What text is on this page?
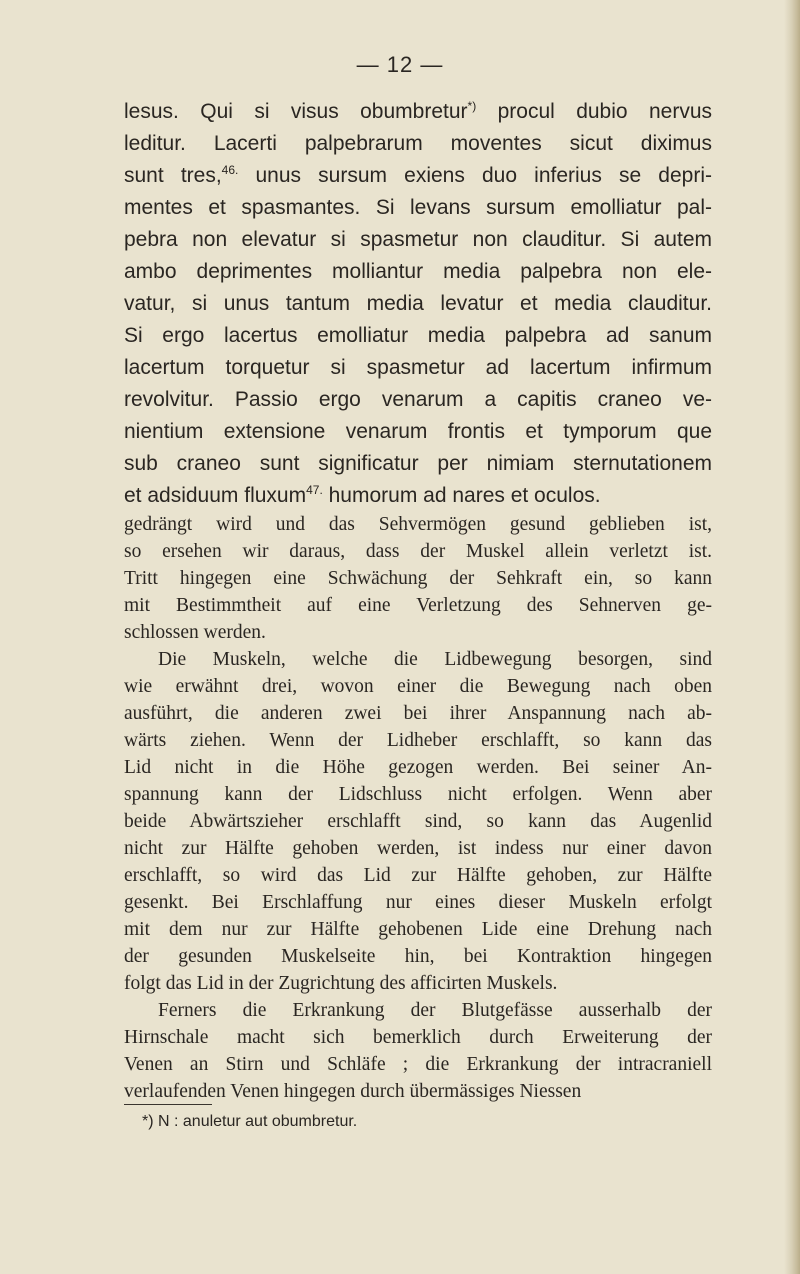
— 12 —
lesus. Qui si visus obumbretur*) procul dubio nervus
leditur. Lacerti palpebrarum moventes sicut diximus
sunt tres,$^{46.}$ unus sursum exiens duo inferius se depri-
mentes et spasmantes. Si levans sursum emolliatur pal-
pebra non elevatur si spasmetur non clauditur. Si autem
ambo deprimentes molliantur media palpebra non ele-
vatur, si unus tantum media levatur et media clauditur.
Si ergo lacertus emolliatur media palpebra ad sanum
lacertum torquetur si spasmetur ad lacertum infirmum
revolvitur. Passio ergo venarum a capitis craneo ve-
nientium extensione venarum frontis et tymporum que
sub craneo sunt significatur per nimiam sternutationem
et adsiduum fluxum$^{47.}$ humorum ad nares et oculos.
gedrängt wird und das Sehvermögen gesund geblieben ist,
so ersehen wir daraus, dass der Muskel allein verletzt ist.
Tritt hingegen eine Schwächung der Sehkraft ein, so kann
mit Bestimmtheit auf eine Verletzung des Sehnerven ge-
schlossen werden.
Die Muskeln, welche die Lidbewegung besorgen, sind
wie erwähnt drei, wovon einer die Bewegung nach oben
ausführt, die anderen zwei bei ihrer Anspannung nach ab-
wärts ziehen. Wenn der Lidheber erschlafft, so kann das
Lid nicht in die Höhe gezogen werden. Bei seiner An-
spannung kann der Lidschluss nicht erfolgen. Wenn aber
beide Abwärtszieher erschlafft sind, so kann das Augenlid
nicht zur Hälfte gehoben werden, ist indess nur einer davon
erschlafft, so wird das Lid zur Hälfte gehoben, zur Hälfte
gesenkt. Bei Erschlaffung nur eines dieser Muskeln erfolgt
mit dem nur zur Hälfte gehobenen Lide eine Drehung nach
der gesunden Muskelseite hin, bei Kontraktion hingegen
folgt das Lid in der Zugrichtung des afficirten Muskels.
Ferners die Erkrankung der Blutgefässe ausserhalb der
Hirnschale macht sich bemerklich durch Erweiterung der
Venen an Stirn und Schläfe ; die Erkrankung der intracraniell
verlaufenden Venen hingegen durch übermässiges Niessen

*) N : anuletur aut obumbretur.
